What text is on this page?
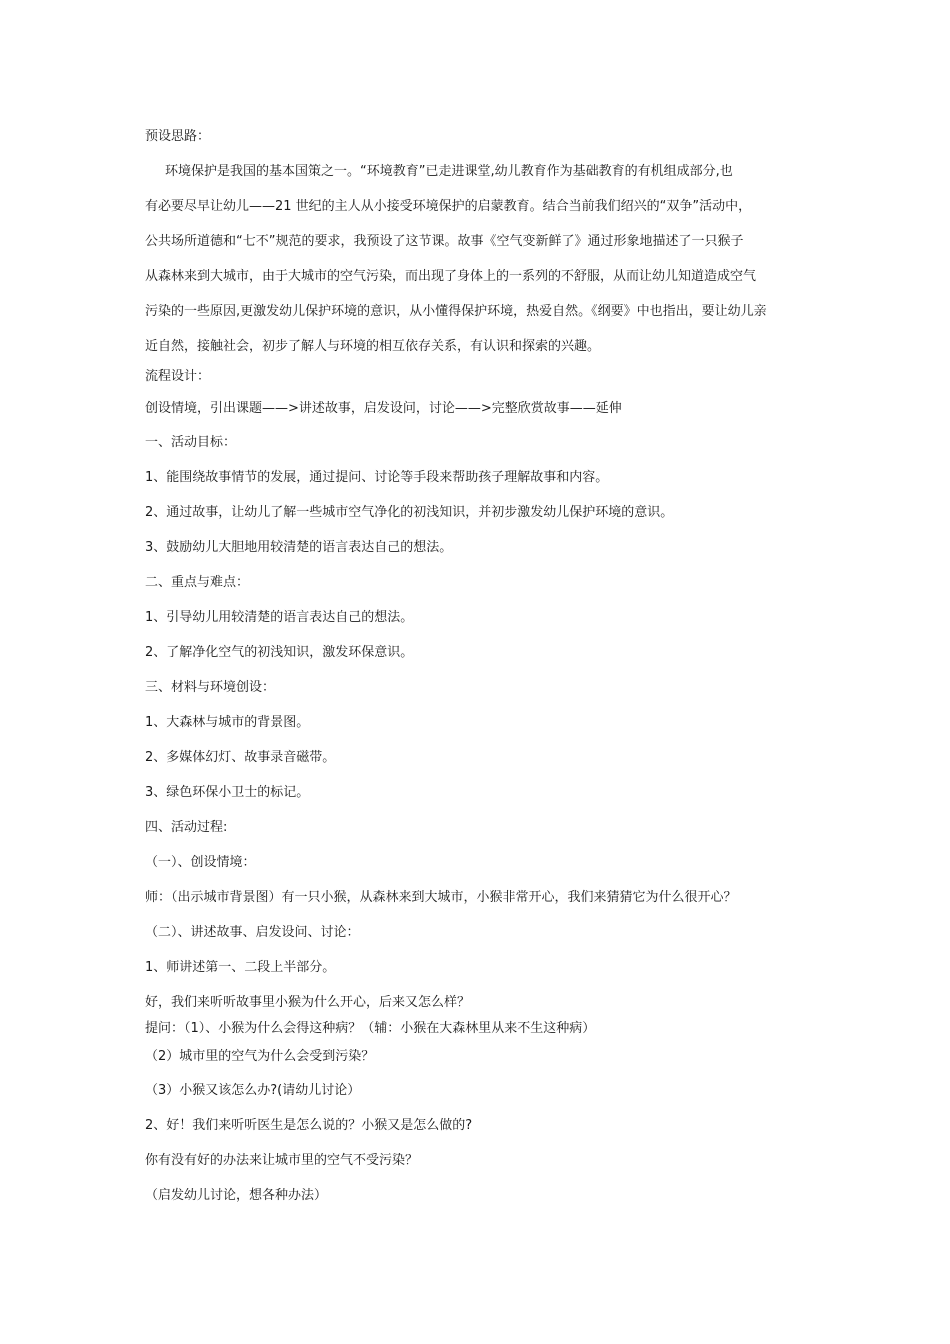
预设思路：

环境保护是我国的基本国策之一。“环境教育”已走进课堂,幼儿教育作为基础教育的有机组成部分,也

有必要尽早让幼儿——21 世纪的主人从小接受环境保护的启蒙教育。结合当前我们绍兴的“双争”活动中，

公共场所道德和“七不”规范的要求，我预设了这节课。故事《空气变新鲜了》通过形象地描述了一只猴子

从森林来到大城市，由于大城市的空气污染，而出现了身体上的一系列的不舒服，从而让幼儿知道造成空气

污染的一些原因,更激发幼儿保护环境的意识，从小懂得保护环境，热爱自然。《纲要》中也指出，要让幼儿亲

近自然，接触社会，初步了解人与环境的相互依存关系，有认识和探索的兴趣。

流程设计：

创设情境，引出课题——>讲述故事，启发设问，讨论——>完整欣赏故事——延伸

一、活动目标：

1、能围绕故事情节的发展，通过提问、讨论等手段来帮助孩子理解故事和内容。

2、通过故事，让幼儿了解一些城市空气净化的初浅知识，并初步激发幼儿保护环境的意识。

3、鼓励幼儿大胆地用较清楚的语言表达自己的想法。

二、重点与难点：

1、引导幼儿用较清楚的语言表达自己的想法。

2、了解净化空气的初浅知识，激发环保意识。

三、材料与环境创设：

1、大森林与城市的背景图。

2、多媒体幻灯、故事录音磁带。

3、绿色环保小卫士的标记。

四、活动过程:

（一）、创设情境：

师：（出示城市背景图）有一只小猴，从森林来到大城市，小猴非常开心，我们来猜猜它为什么很开心？

（二）、讲述故事、启发设问、讨论：

1、师讲述第一、二段上半部分。

好，我们来听听故事里小猴为什么开心，后来又怎么样？

提问：（1）、小猴为什么会得这种病？（辅：小猴在大森林里从来不生这种病）

（2）城市里的空气为什么会受到污染？

（3）小猴又该怎么办?(请幼儿讨论）

2、好！我们来听听医生是怎么说的？小猴又是怎么做的?

你有没有好的办法来让城市里的空气不受污染？

（启发幼儿讨论，想各种办法）
